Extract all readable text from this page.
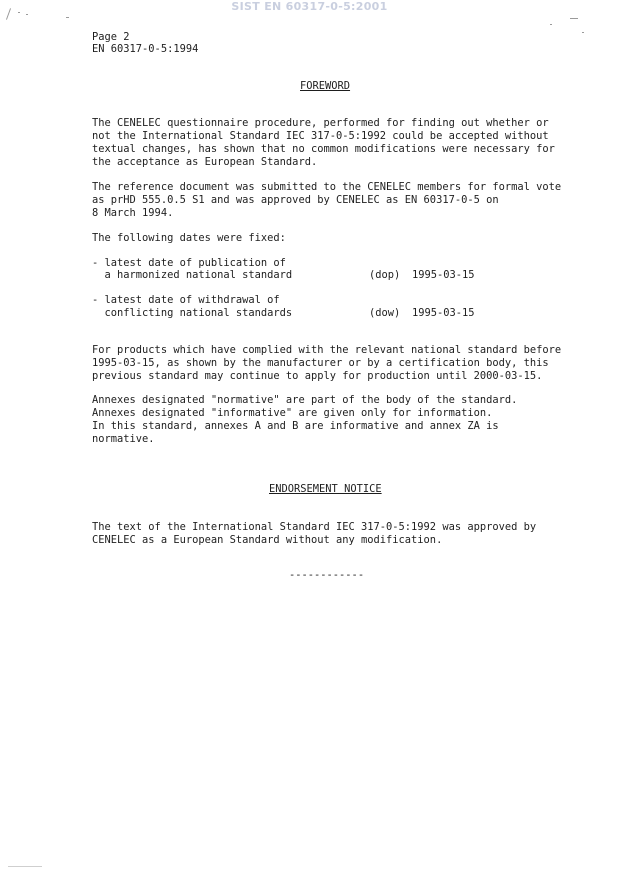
SIST EN 60317-0-5:2001
Page 2
EN 60317-0-5:1994
FOREWORD
The CENELEC questionnaire procedure, performed for finding out whether or
not the International Standard IEC 317-0-5:1992 could be accepted without
textual changes, has shown that no common modifications were necessary for
the acceptance as European Standard.
The reference document was submitted to the CENELEC members for formal vote
as prHD 555.0.5 S1 and was approved by CENELEC as EN 60317-0-5 on
8 March 1994.
The following dates were fixed:
- latest date of publication of
a harmonized national standard	(dop) 1995-03-15
- latest date of withdrawal of
conflicting national standards	(dow) 1995-03-15
For products which have complied with the relevant national standard before
1995-03-15, as shown by the manufacturer or by a certification body, this
previous standard may continue to apply for production until 2000-03-15.
Annexes designated "normative" are part of the body of the standard.
Annexes designated "informative" are given only for information.
In this standard, annexes A and B are informative and annex ZA is
normative.
ENDORSEMENT NOTICE
The text of the International Standard IEC 317-0-5:1992 was approved by
CENELEC as a European Standard without any modification.
------------
